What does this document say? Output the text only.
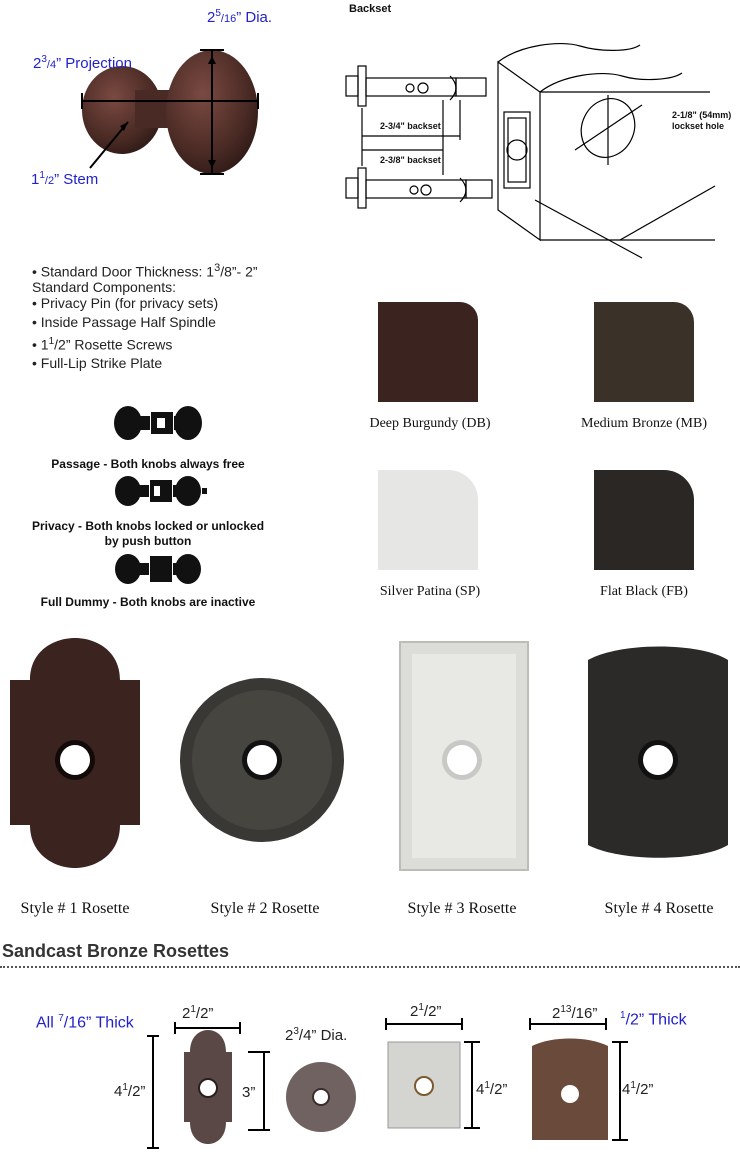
$2^5/16$” Dia.
$2^3/4$” Projection
$1^1/2$” Stem
Backset
2-3/4" backset
2-3/8" backset
2-1/8" (54mm)
lockset hole
• Standard Door Thickness: $1^3/8”-$ 2”
Standard Components:
• Privacy Pin (for privacy sets)
• Inside Passage Half Spindle
• $1^1/2$” Rosette Screws
• Full-Lip Strike Plate
Passage - Both knobs always free
Privacy - Both knobs locked or unlocked
by push button
Full Dummy - Both knobs are inactive
Deep Burgundy (DB)	Medium Bronze (MB)
Silver Patina (SP)	Flat Black (FB)
Style # 1 Rosette	Style # 2 Rosette	Style # 3 Rosette	Style # 4 Rosette
Sandcast Bronze Rosettes
All $^7$/16” Thick
$2^1/2$”
$4^1/2$”	3”
$2^3/4$” Dia.
$2^1/2$”
$4^1/2$”
$2^{13}/16$” $^1$/2” Thick
$4^1/2$”
